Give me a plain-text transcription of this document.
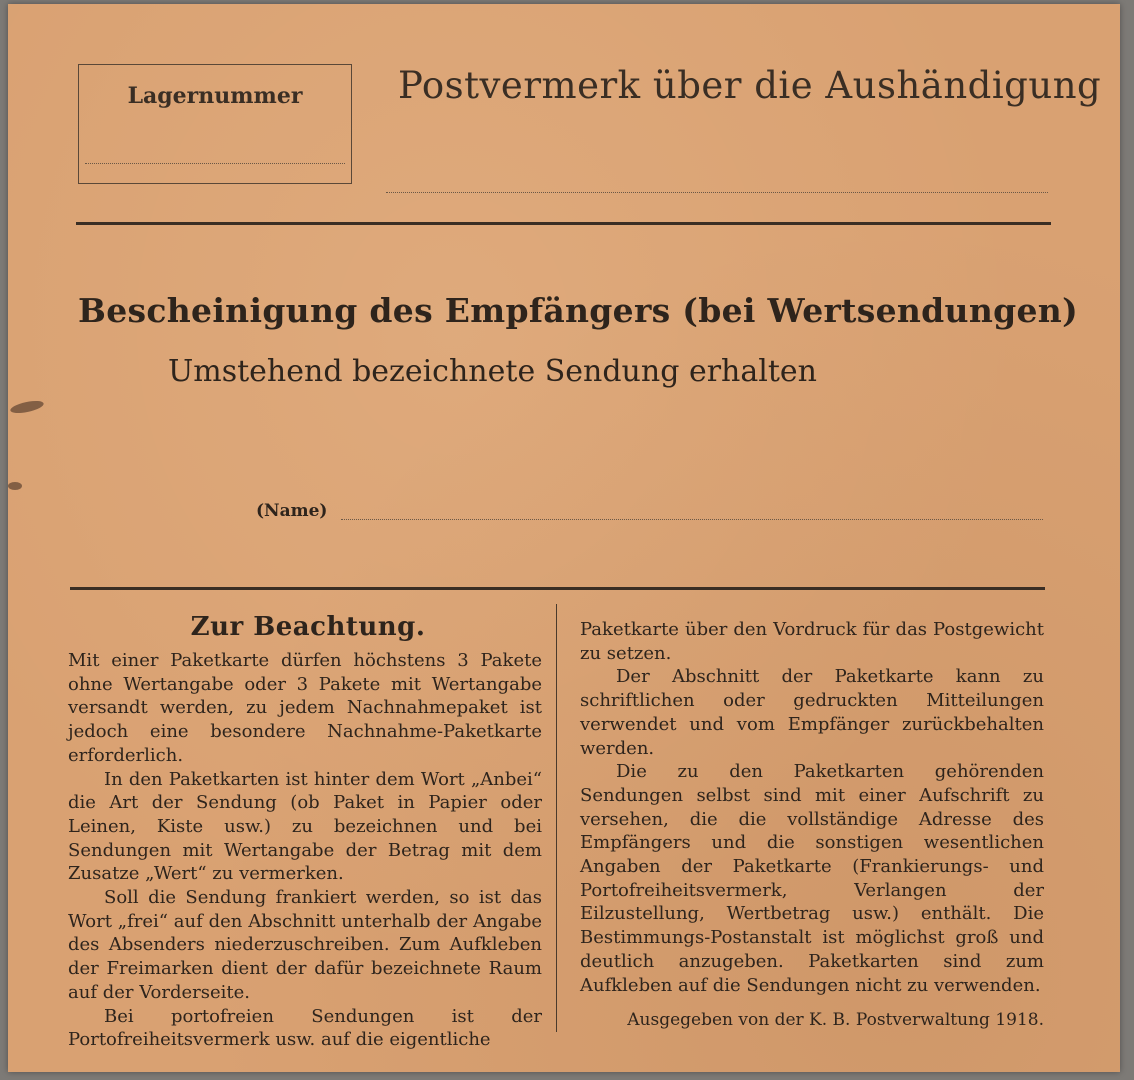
Lagernummer	Postvermerk über die Aushändigung
Bescheinigung des Empfängers (bei Wertsendungen)
Umstehend bezeichnete Sendung erhalten
(Name)
Zur Beachtung.

Mit einer Paketkarte dürfen höchstens 3 Pakete ohne Wertangabe oder 3 Pakete mit Wertangabe versandt werden, zu jedem Nachnahmepaket ist jedoch eine besondere Nachnahme-Paketkarte erforderlich.

In den Paketkarten ist hinter dem Wort „Anbei“ die Art der Sendung (ob Paket in Papier oder Leinen, Kiste usw.) zu bezeichnen und bei Sendungen mit Wertangabe der Betrag mit dem Zusatze „Wert“ zu vermerken.

Soll die Sendung frankiert werden, so ist das Wort „frei“ auf den Abschnitt unterhalb der Angabe des Absenders niederzuschreiben. Zum Aufkleben der Freimarken dient der dafür bezeichnete Raum auf der Vorderseite.

Bei portofreien Sendungen ist der Portofreiheitsvermerk usw. auf die eigentliche

Paketkarte über den Vordruck für das Postgewicht zu setzen.

Der Abschnitt der Paketkarte kann zu schriftlichen oder gedruckten Mitteilungen verwendet und vom Empfänger zurückbehalten werden.

Die zu den Paketkarten gehörenden Sendungen selbst sind mit einer Aufschrift zu versehen, die die vollständige Adresse des Empfängers und die sonstigen wesentlichen Angaben der Paketkarte (Frankierungs- und Portofreiheitsvermerk, Verlangen der Eilzustellung, Wertbetrag usw.) enthält. Die Bestimmungs-Postanstalt ist möglichst groß und deutlich anzugeben. Paketkarten sind zum Aufkleben auf die Sendungen nicht zu verwenden.

Ausgegeben von der K. B. Postverwaltung 1918.
